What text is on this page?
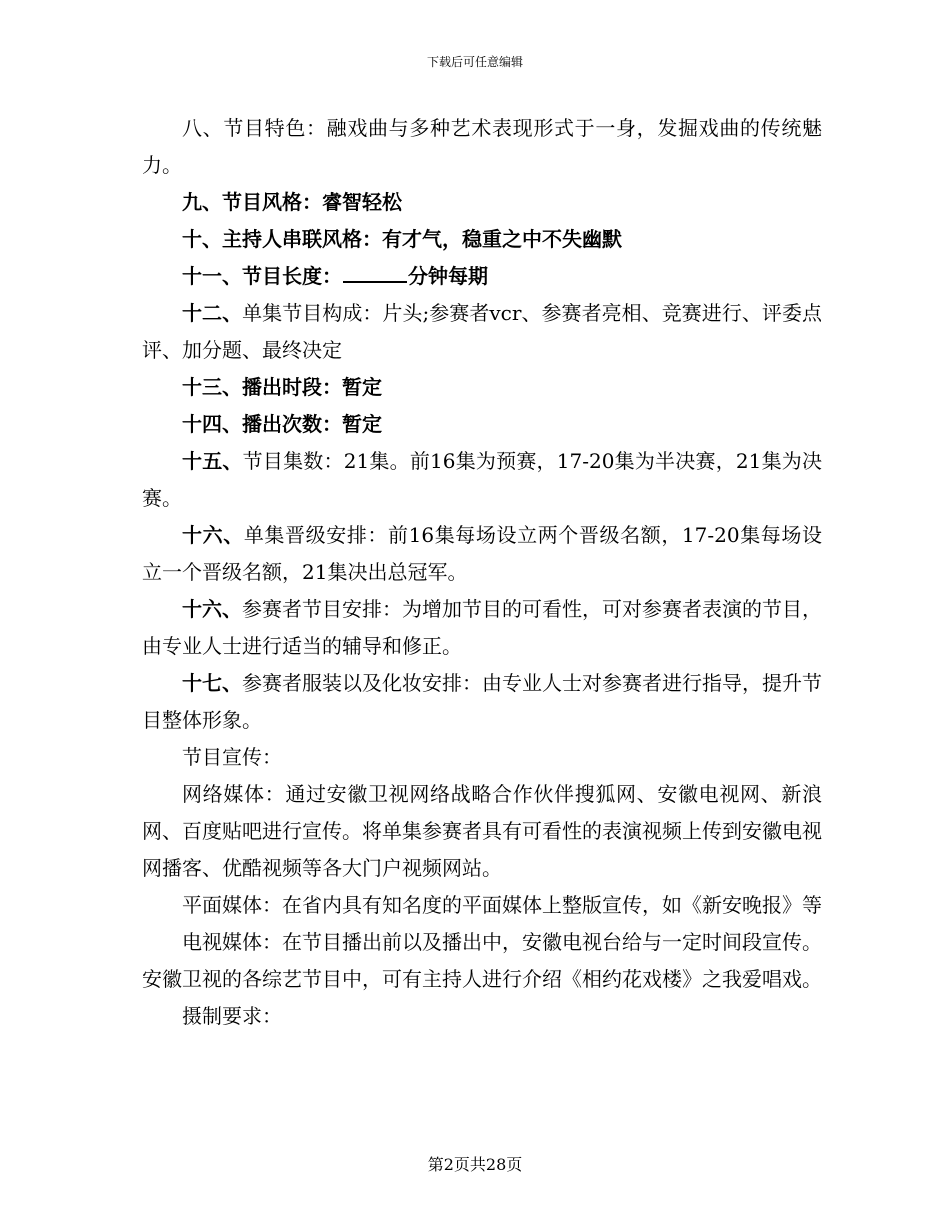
下载后可任意编辑

八、节目特色：融戏曲与多种艺术表现形式于一身，发掘戏曲的传统魅力。

九、节目风格：睿智轻松

十、主持人串联风格：有才气，稳重之中不失幽默

十一、节目长度：	分钟每期

十二、单集节目构成：片头;参赛者vcr、参赛者亮相、竞赛进行、评委点评、加分题、最终决定

十三、播出时段：暂定

十四、播出次数：暂定

十五、节目集数：21集。前16集为预赛，17-20集为半决赛，21集为决赛。

十六、单集晋级安排：前16集每场设立两个晋级名额，17-20集每场设立一个晋级名额，21集决出总冠军。

十六、参赛者节目安排：为增加节目的可看性，可对参赛者表演的节目，由专业人士进行适当的辅导和修正。

十七、参赛者服装以及化妆安排：由专业人士对参赛者进行指导，提升节目整体形象。

节目宣传：

网络媒体：通过安徽卫视网络战略合作伙伴搜狐网、安徽电视网、新浪网、百度贴吧进行宣传。将单集参赛者具有可看性的表演视频上传到安徽电视网播客、优酷视频等各大门户视频网站。

平面媒体：在省内具有知名度的平面媒体上整版宣传，如《新安晚报》等

电视媒体：在节目播出前以及播出中，安徽电视台给与一定时间段宣传。安徽卫视的各综艺节目中，可有主持人进行介绍《相约花戏楼》之我爱唱戏。

摄制要求：

第2页共28页
